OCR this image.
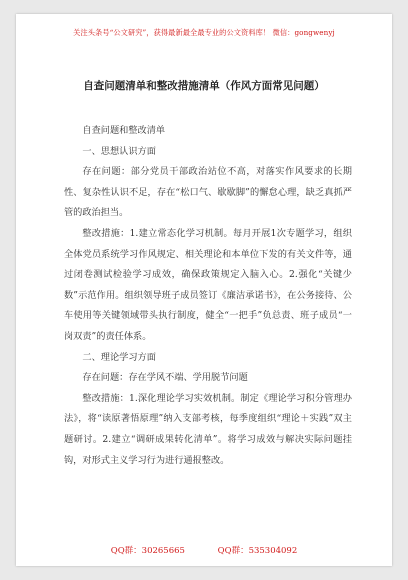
关注头条号“公文研究”，获得最新最全最专业的公文资料库！ 微信：gongwenyj
自查问题清单和整改措施清单（作风方面常见问题）

自查问题和整改清单

一、思想认识方面

存在问题：部分党员干部政治站位不高，对落实作风要求的长期性、复杂性认识不足，存在“松口气、歇歇脚”的懈怠心理，缺乏真抓严管的政治担当。

整改措施：1.建立常态化学习机制。每月开展1次专题学习，组织全体党员系统学习作风规定、相关理论和本单位下发的有关文件等，通过闭卷测试检验学习成效，确保政策规定入脑入心。2.强化“关键少数”示范作用。组织领导班子成员签订《廉洁承诺书》，在公务接待、公车使用等关键领域带头执行制度，健全“一把手”负总责、班子成员“一岗双责”的责任体系。

二、理论学习方面

存在问题：存在学风不端、学用脱节问题

整改措施：1.深化理论学习实效机制。制定《理论学习积分管理办法》，将“读原著悟原理”纳入支部考核，每季度组织“理论＋实践”双主题研讨。2.建立“调研成果转化清单”。将学习成效与解决实际问题挂钩，对形式主义学习行为进行通报整改。

QQ群：30265665	QQ群：535304092
